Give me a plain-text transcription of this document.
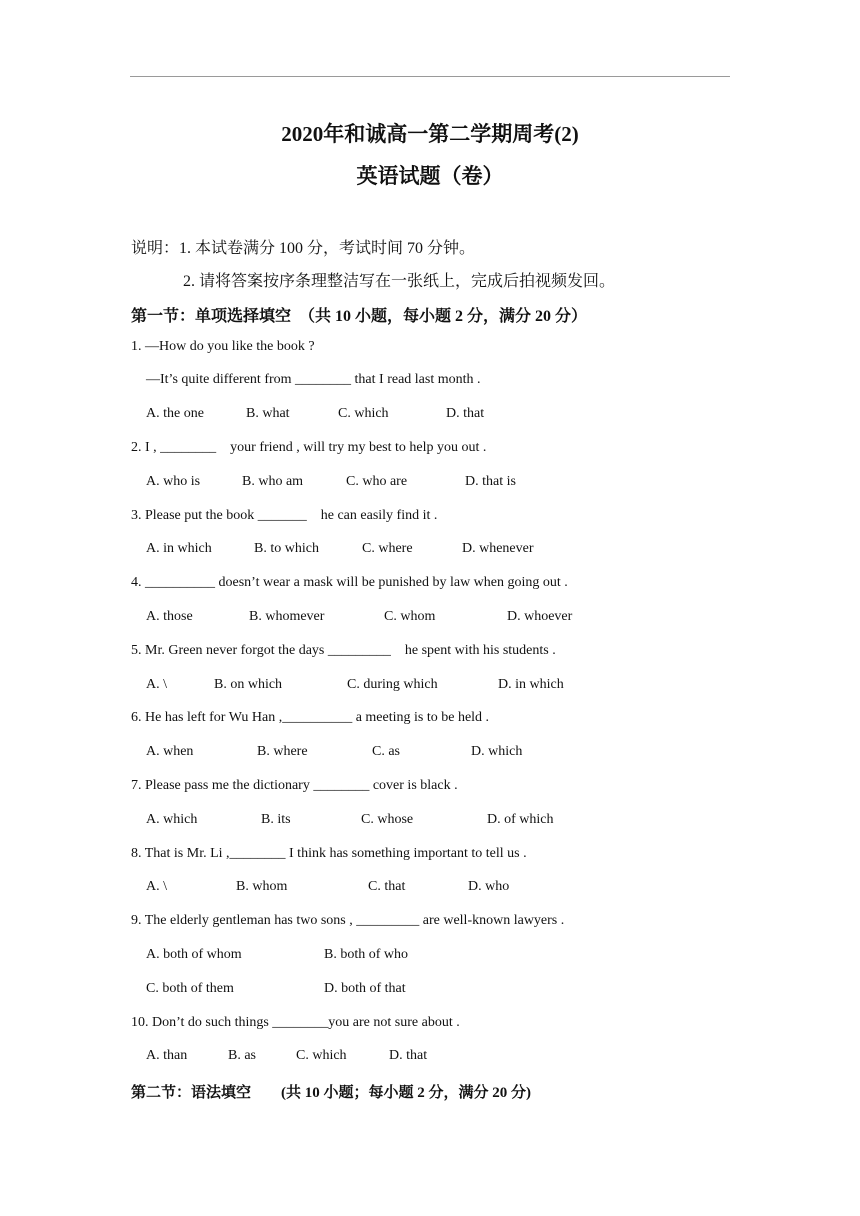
2020年和诚高一第二学期周考(2)
英语试题（卷）
说明：1. 本试卷满分 100 分，考试时间 70 分钟。
2. 请将答案按序条理整洁写在一张纸上，完成后拍视频发回。
第一节：单项选择填空　（共 10 小题，每小题 2 分，满分 20 分）
1. —How do you like the book ?
—It’s quite different from ________ that I read last month .
A. the one	B. what	C. which	D. that
2. I , ________    your friend , will try my best to help you out .
A. who is	B. who am	C. who are	D. that is
3. Please put the book _______    he can easily find it .
A. in which	B. to which	C. where	D. whenever
4. __________ doesn’t wear a mask will be punished by law when going out .
A. those	B. whomever	C. whom	D. whoever
5. Mr. Green never forgot the days _________    he spent with his students .
A. \	B. on which	C. during which	D. in which
6. He has left for Wu Han ,__________ a meeting is to be held .
A. when	B. where	C. as	D. which
7. Please pass me the dictionary ________ cover is black .
A. which	B. its	C. whose	D. of which
8. That is Mr. Li ,________ I think has something important to tell us .
A. \	B. whom	C. that	D. who
9. The elderly gentleman has two sons , _________ are well-known lawyers .
A. both of whom	B. both of who
C. both of them	D. both of that
10. Don’t do such things ________you are not sure about .
A. than	B. as	C. which	D. that
第二节：语法填空　　(共 10 小题；每小题 2 分，满分 20 分)
